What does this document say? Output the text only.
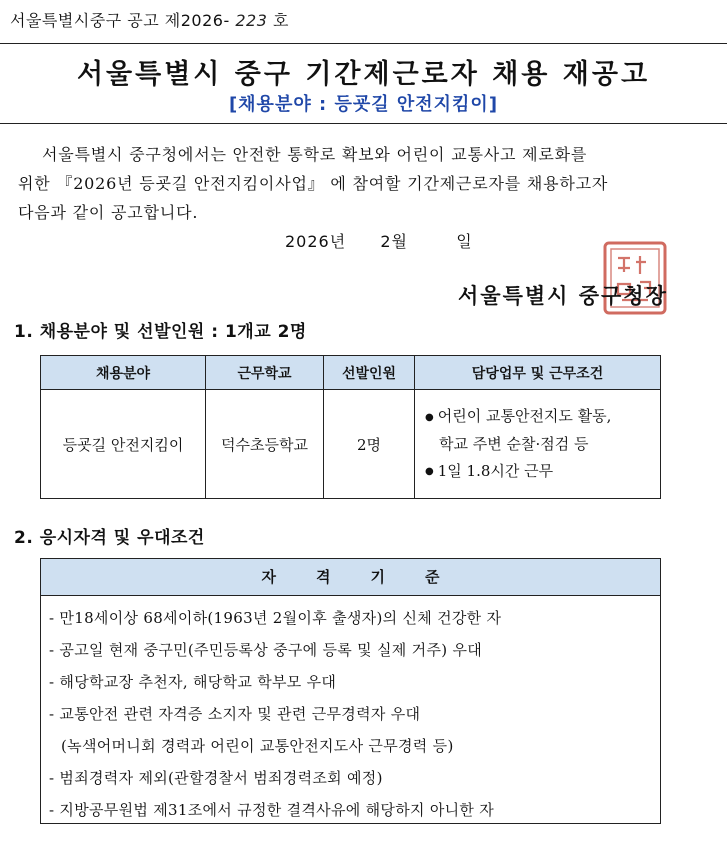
서울특별시중구 공고 제2026- 223 호
서울특별시 중구 기간제근로자 채용 재공고
[채용분야 : 등굣길 안전지킴이]
서울특별시 중구청에서는 안전한 통학로 확보와 어린이 교통사고 제로화를
위한 『2026년 등굣길 안전지킴이사업』 에 참여할 기간제근로자를 채용하고자
다음과 같이 공고합니다.
2026년 2월	일
서울특별시 중구청장
1. 채용분야 및 선발인원 : 1개교 2명
채용분야	근무학교	선발인원	담당업무 및 근무조건
등굣길 안전지킴이	덕수초등학교	2명	● 어린이 교통안전지도 활동,
학교 주변 순찰·점검 등
● 1일 1.8시간 근무
2. 응시자격 및 우대조건
자격기준
- 만18세이상 68세이하(1963년 2월이후 출생자)의 신체 건강한 자
- 공고일 현재 중구민(주민등록상 중구에 등록 및 실제 거주) 우대
- 해당학교장 추천자, 해당학교 학부모 우대
- 교통안전 관련 자격증 소지자 및 관련 근무경력자 우대
(녹색어머니회 경력과 어린이 교통안전지도사 근무경력 등)
- 범죄경력자 제외(관할경찰서 범죄경력조회 예정)
- 지방공무원법 제31조에서 규정한 결격사유에 해당하지 아니한 자
